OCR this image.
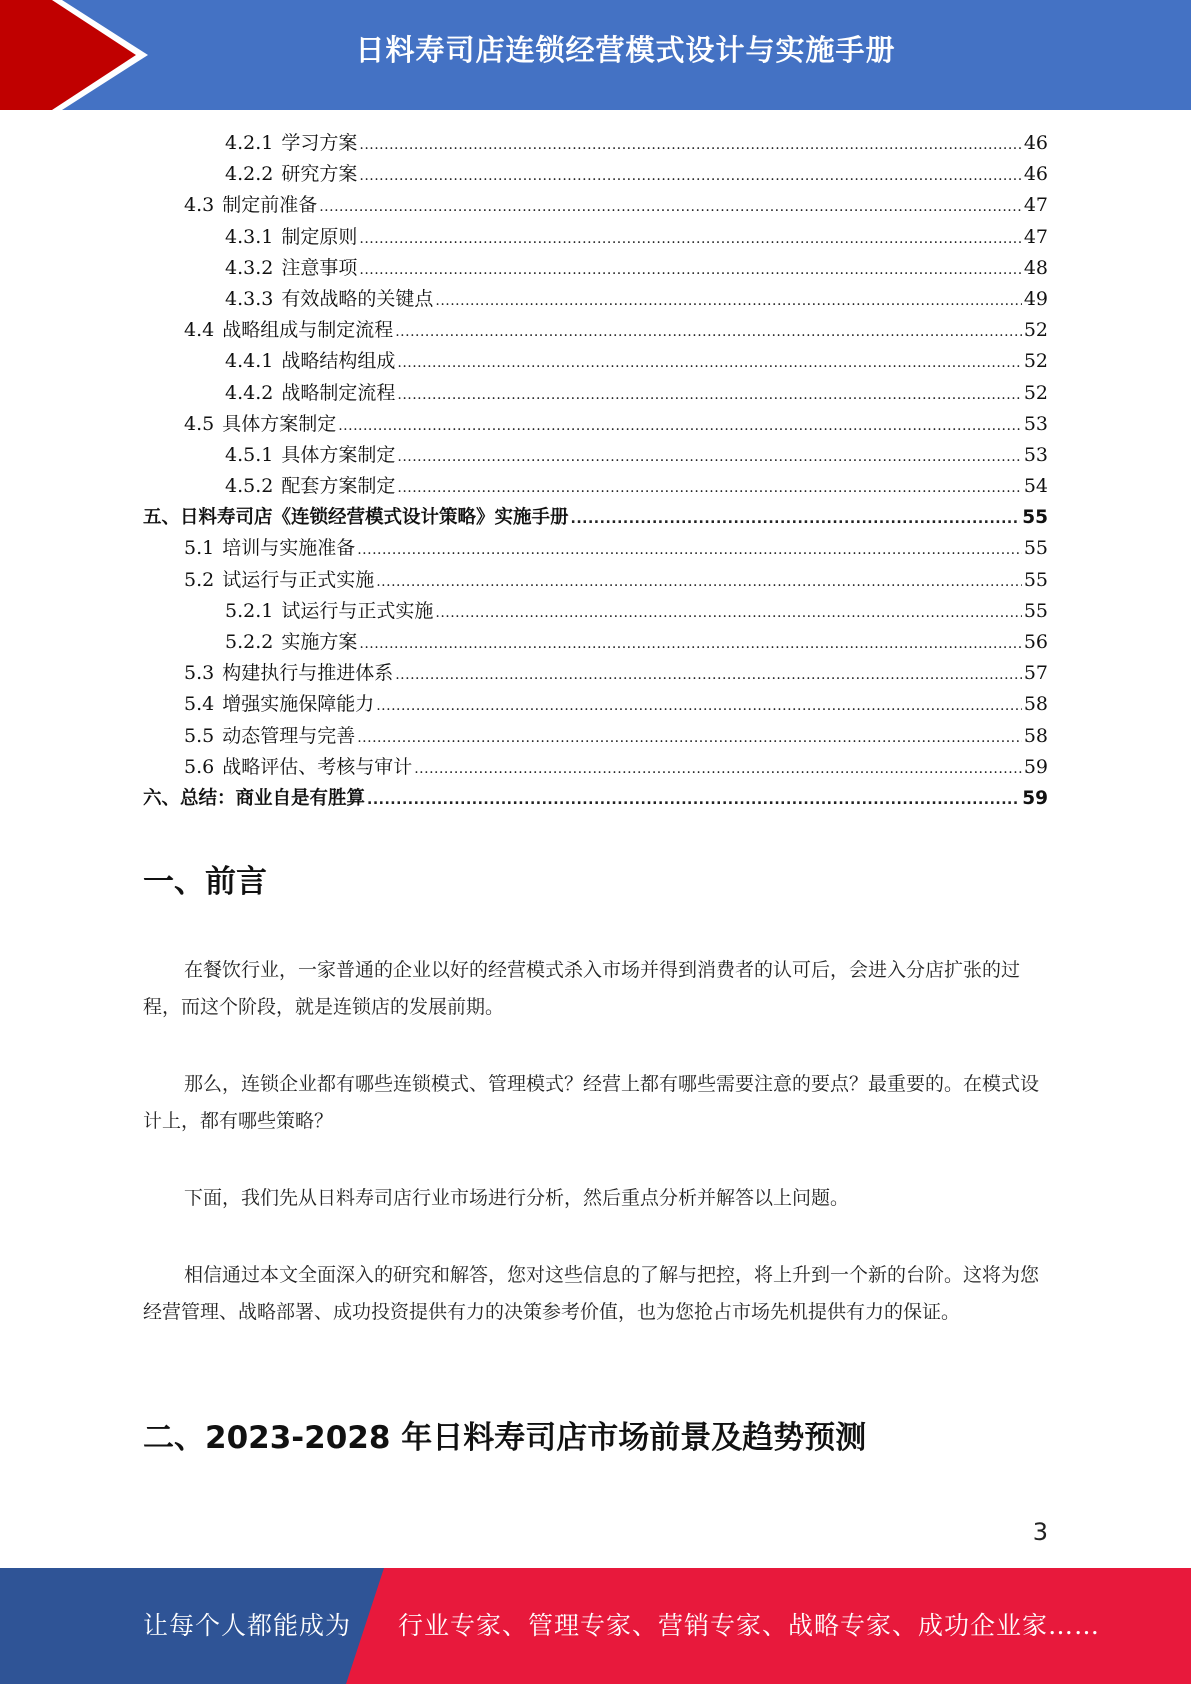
日料寿司店连锁经营模式设计与实施手册
4.2.1 学习方案 .....	46
4.2.2 研究方案 .....	46
4.3 制定前准备 .....	47
4.3.1 制定原则 .....	47
4.3.2 注意事项 .....	48
4.3.3 有效战略的关键点 .....	49
4.4 战略组成与制定流程 .....	52
4.4.1 战略结构组成 .....	52
4.4.2 战略制定流程 .....	52
4.5 具体方案制定 .....	53
4.5.1 具体方案制定 .....	53
4.5.2 配套方案制定 .....	54
五、 日料寿司店《连锁经营模式设计策略》实施手册 .....	55
5.1 培训与实施准备 .....	55
5.2 试运行与正式实施 .....	55
5.2.1 试运行与正式实施 .....	55
5.2.2 实施方案 .....	56
5.3 构建执行与推进体系 .....	57
5.4 增强实施保障能力 .....	58
5.5 动态管理与完善 .....	58
5.6 战略评估、考核与审计 .....	59
六、 总结：商业自是有胜算 .....	59
一、前言
在餐饮行业，一家普通的企业以好的经营模式杀入市场并得到消费者的认可后，会进入分店扩张的过程，而这个阶段，就是连锁店的发展前期。
那么，连锁企业都有哪些连锁模式、管理模式？经营上都有哪些需要注意的要点？最重要的。在模式设计上，都有哪些策略？
下面，我们先从日料寿司店行业市场进行分析，然后重点分析并解答以上问题。
相信通过本文全面深入的研究和解答，您对这些信息的了解与把控，将上升到一个新的台阶。这将为您经营管理、战略部署、成功投资提供有力的决策参考价值，也为您抢占市场先机提供有力的保证。
二、2023-2028 年日料寿司店市场前景及趋势预测
3
让每个人都能成为 行业专家、管理专家、营销专家、战略专家、成功企业家……
